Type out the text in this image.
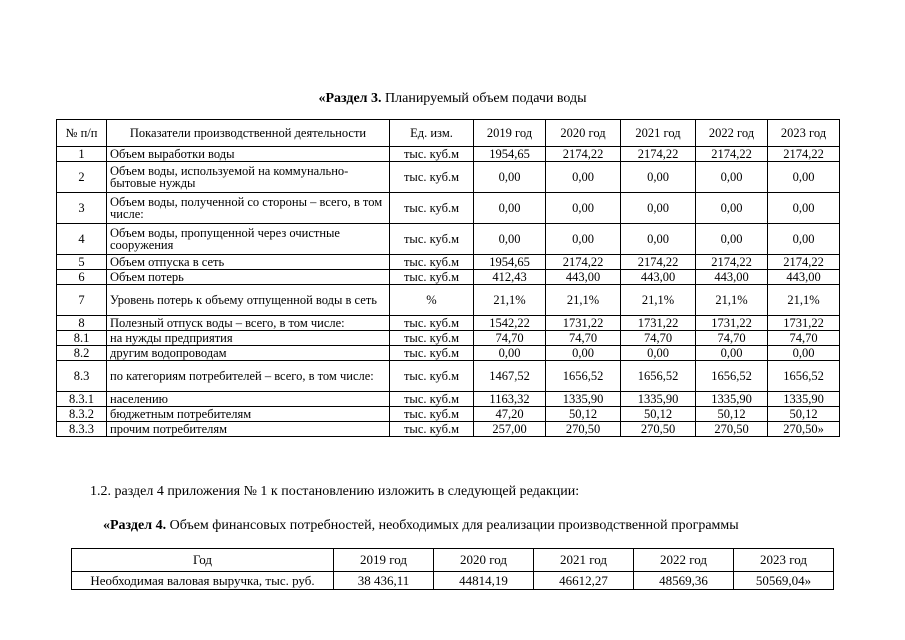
«Раздел 3. Планируемый объем подачи воды
№ п/п	Показатели производственной деятельности	Ед. изм.	2019 год	2020 год	2021 год	2022 год	2023 год
1	Объем выработки воды	тыс. куб.м	1954,65	2174,22	2174,22	2174,22	2174,22
2	Объем воды, используемой на коммунально-бытовые нужды	тыс. куб.м	0,00	0,00	0,00	0,00	0,00
3	Объем воды, полученной со стороны – всего, в том числе:	тыс. куб.м	0,00	0,00	0,00	0,00	0,00
4	Объем воды, пропущенной через очистные сооружения	тыс. куб.м	0,00	0,00	0,00	0,00	0,00
5	Объем отпуска в сеть	тыс. куб.м	1954,65	2174,22	2174,22	2174,22	2174,22
6	Объем потерь	тыс. куб.м	412,43	443,00	443,00	443,00	443,00
7	Уровень потерь к объему отпущенной воды в сеть	%	21,1%	21,1%	21,1%	21,1%	21,1%
8	Полезный отпуск воды – всего, в том числе:	тыс. куб.м	1542,22	1731,22	1731,22	1731,22	1731,22
8.1	на нужды предприятия	тыс. куб.м	74,70	74,70	74,70	74,70	74,70
8.2	другим водопроводам	тыс. куб.м	0,00	0,00	0,00	0,00	0,00
8.3	по категориям потребителей – всего, в том числе:	тыс. куб.м	1467,52	1656,52	1656,52	1656,52	1656,52
8.3.1	населению	тыс. куб.м	1163,32	1335,90	1335,90	1335,90	1335,90
8.3.2	бюджетным потребителям	тыс. куб.м	47,20	50,12	50,12	50,12	50,12
8.3.3	прочим потребителям	тыс. куб.м	257,00	270,50	270,50	270,50	270,50»
1.2. раздел 4 приложения № 1 к постановлению изложить в следующей редакции:
«Раздел 4. Объем финансовых потребностей, необходимых для реализации производственной программы
Год	2019 год	2020 год	2021 год	2022 год	2023 год
Необходимая валовая выручка, тыс. руб.	38 436,11	44814,19	46612,27	48569,36	50569,04»
